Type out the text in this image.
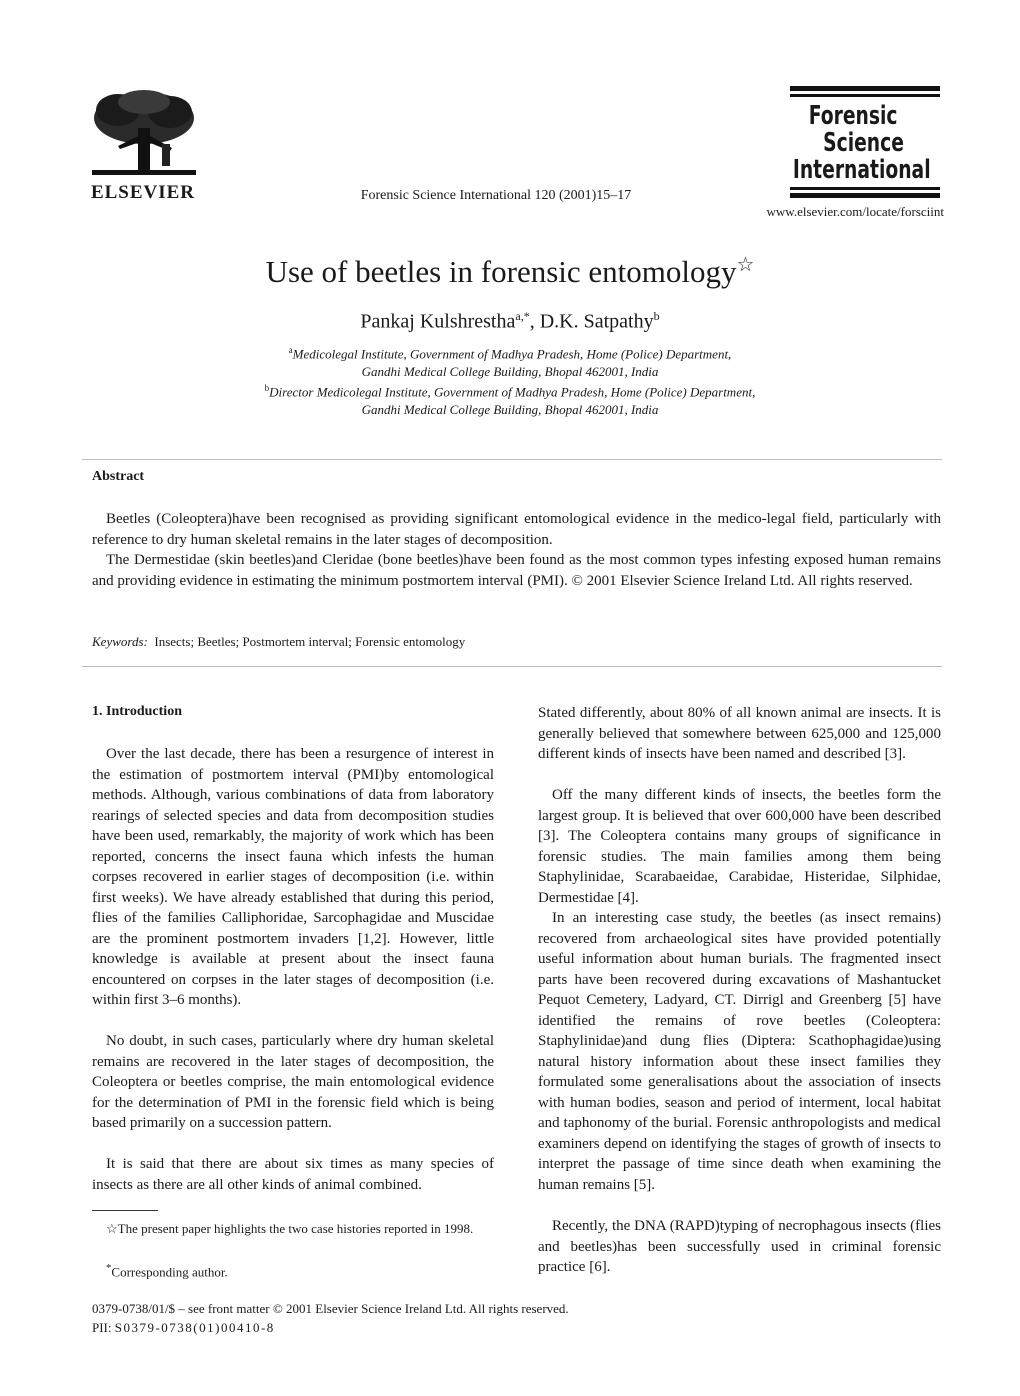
ELSEVIER	Forensic Science International 120 (2001)15–17
Forensic
Science
International
www.elsevier.com/locate/forsciint
Use of beetles in forensic entomology☆
Pankaj Kulshrestha$^{a,*}$, D.K. Satpathy$^b$
$^a$Medicolegal Institute, Government of Madhya Pradesh, Home (Police) Department,
Gandhi Medical College Building, Bhopal 462001, India
$^b$Director Medicolegal Institute, Government of Madhya Pradesh, Home (Police) Department,
Gandhi Medical College Building, Bhopal 462001, India
Abstract
Beetles (Coleoptera)have been recognised as providing significant entomological evidence in the medico-legal field, particularly with reference to dry human skeletal remains in the later stages of decomposition.
The Dermestidae (skin beetles)and Cleridae (bone beetles)have been found as the most common types infesting exposed human remains and providing evidence in estimating the minimum postmortem interval (PMI). © 2001 Elsevier Science Ireland Ltd. All rights reserved.
Keywords: Insects; Beetles; Postmortem interval; Forensic entomology
1. Introduction
Over the last decade, there has been a resurgence of interest in the estimation of postmortem interval (PMI)by entomological methods. Although, various combinations of data from laboratory rearings of selected species and data from decomposition studies have been used, remarkably, the majority of work which has been reported, concerns the insect fauna which infests the human corpses recovered in earlier stages of decomposition (i.e. within first weeks). We have already established that during this period, flies of the families Calliphoridae, Sarcophagidae and Muscidae are the prominent postmortem invaders [1,2]. However, little knowledge is available at present about the insect fauna encountered on corpses in the later stages of decomposition (i.e. within first 3–6 months).
No doubt, in such cases, particularly where dry human skeletal remains are recovered in the later stages of decomposition, the Coleoptera or beetles comprise, the main entomological evidence for the determination of PMI in the forensic field which is being based primarily on a succession pattern.
It is said that there are about six times as many species of insects as there are all other kinds of animal combined.
☆The present paper highlights the two case histories reported in 1998.
*Corresponding author.
Stated differently, about 80% of all known animal are insects. It is generally believed that somewhere between 625,000 and 125,000 different kinds of insects have been named and described [3].
Off the many different kinds of insects, the beetles form the largest group. It is believed that over 600,000 have been described [3]. The Coleoptera contains many groups of significance in forensic studies. The main families among them being Staphylinidae, Scarabaeidae, Carabidae, Histeridae, Silphidae, Dermestidae [4].
In an interesting case study, the beetles (as insect remains) recovered from archaeological sites have provided potentially useful information about human burials. The fragmented insect parts have been recovered during excavations of Mashantucket Pequot Cemetery, Ladyard, CT. Dirrigl and Greenberg [5] have identified the remains of rove beetles (Coleoptera: Staphylinidae)and dung flies (Diptera: Scathophagidae)using natural history information about these insect families they formulated some generalisations about the association of insects with human bodies, season and period of interment, local habitat and taphonomy of the burial. Forensic anthropologists and medical examiners depend on identifying the stages of growth of insects to interpret the passage of time since death when examining the human remains [5].
Recently, the DNA (RAPD)typing of necrophagous insects (flies and beetles)has been successfully used in criminal forensic practice [6].
0379-0738/01/$ – see front matter © 2001 Elsevier Science Ireland Ltd. All rights reserved.
PII: S0379-0738(01)00410-8
